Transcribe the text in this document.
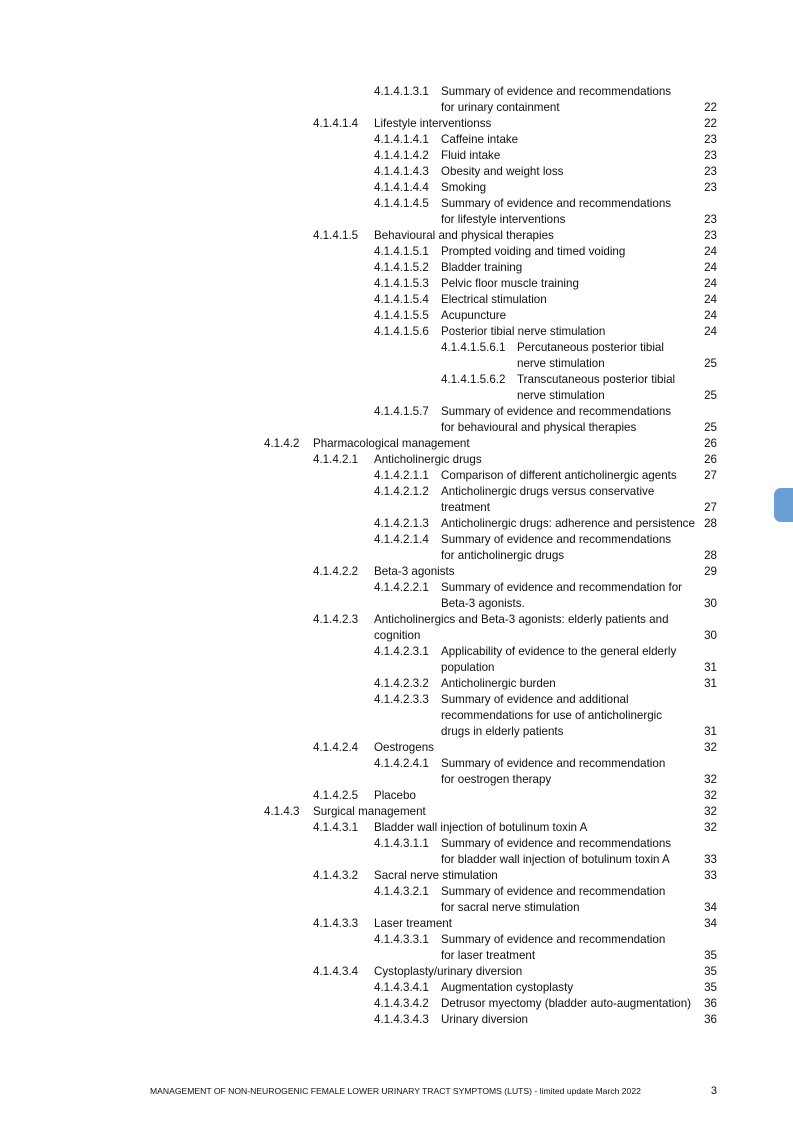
4.1.4.1.3.1 Summary of evidence and recommendations
for urinary containment	22
4.1.4.1.4 Lifestyle interventionss	22
4.1.4.1.4.1 Caffeine intake	23
4.1.4.1.4.2 Fluid intake	23
4.1.4.1.4.3 Obesity and weight loss	23
4.1.4.1.4.4 Smoking	23
4.1.4.1.4.5 Summary of evidence and recommendations
for lifestyle interventions	23
4.1.4.1.5 Behavioural and physical therapies	23
4.1.4.1.5.1 Prompted voiding and timed voiding	24
4.1.4.1.5.2 Bladder training	24
4.1.4.1.5.3 Pelvic floor muscle training	24
4.1.4.1.5.4 Electrical stimulation	24
4.1.4.1.5.5 Acupuncture	24
4.1.4.1.5.6 Posterior tibial nerve stimulation	24
4.1.4.1.5.6.1 Percutaneous posterior tibial
nerve stimulation	25
4.1.4.1.5.6.2 Transcutaneous posterior tibial
nerve stimulation	25
4.1.4.1.5.7 Summary of evidence and recommendations
for behavioural and physical therapies	25
4.1.4.2 Pharmacological management	26
4.1.4.2.1 Anticholinergic drugs	26
4.1.4.2.1.1 Comparison of different anticholinergic agents 27
4.1.4.2.1.2 Anticholinergic drugs versus conservative
treatment	27
4.1.4.2.1.3 Anticholinergic drugs: adherence and persistence 28
4.1.4.2.1.4 Summary of evidence and recommendations
for anticholinergic drugs	28
4.1.4.2.2 Beta-3 agonists	29
4.1.4.2.2.1 Summary of evidence and recommendation for
Beta-3 agonists.	30
4.1.4.2.3 Anticholinergics and Beta-3 agonists: elderly patients and
cognition	30
4.1.4.2.3.1 Applicability of evidence to the general elderly
population	31
4.1.4.2.3.2 Anticholinergic burden	31
4.1.4.2.3.3 Summary of evidence and additional
recommendations for use of anticholinergic
drugs in elderly patients	31
4.1.4.2.4 Oestrogens	32
4.1.4.2.4.1 Summary of evidence and recommendation
for oestrogen therapy	32
4.1.4.2.5 Placebo	32
4.1.4.3 Surgical management	32
4.1.4.3.1 Bladder wall injection of botulinum toxin A	32
4.1.4.3.1.1 Summary of evidence and recommendations
for bladder wall injection of botulinum toxin A	33
4.1.4.3.2 Sacral nerve stimulation	33
4.1.4.3.2.1 Summary of evidence and recommendation
for sacral nerve stimulation	34
4.1.4.3.3 Laser treament	34
4.1.4.3.3.1 Summary of evidence and recommendation
for laser treatment	35
4.1.4.3.4 Cystoplasty/urinary diversion	35
4.1.4.3.4.1 Augmentation cystoplasty	35
4.1.4.3.4.2 Detrusor myectomy (bladder auto-augmentation) 36
4.1.4.3.4.3 Urinary diversion	36
MANAGEMENT OF NON-NEUROGENIC FEMALE LOWER URINARY TRACT SYMPTOMS (LUTS) - limited update March 2022	3
